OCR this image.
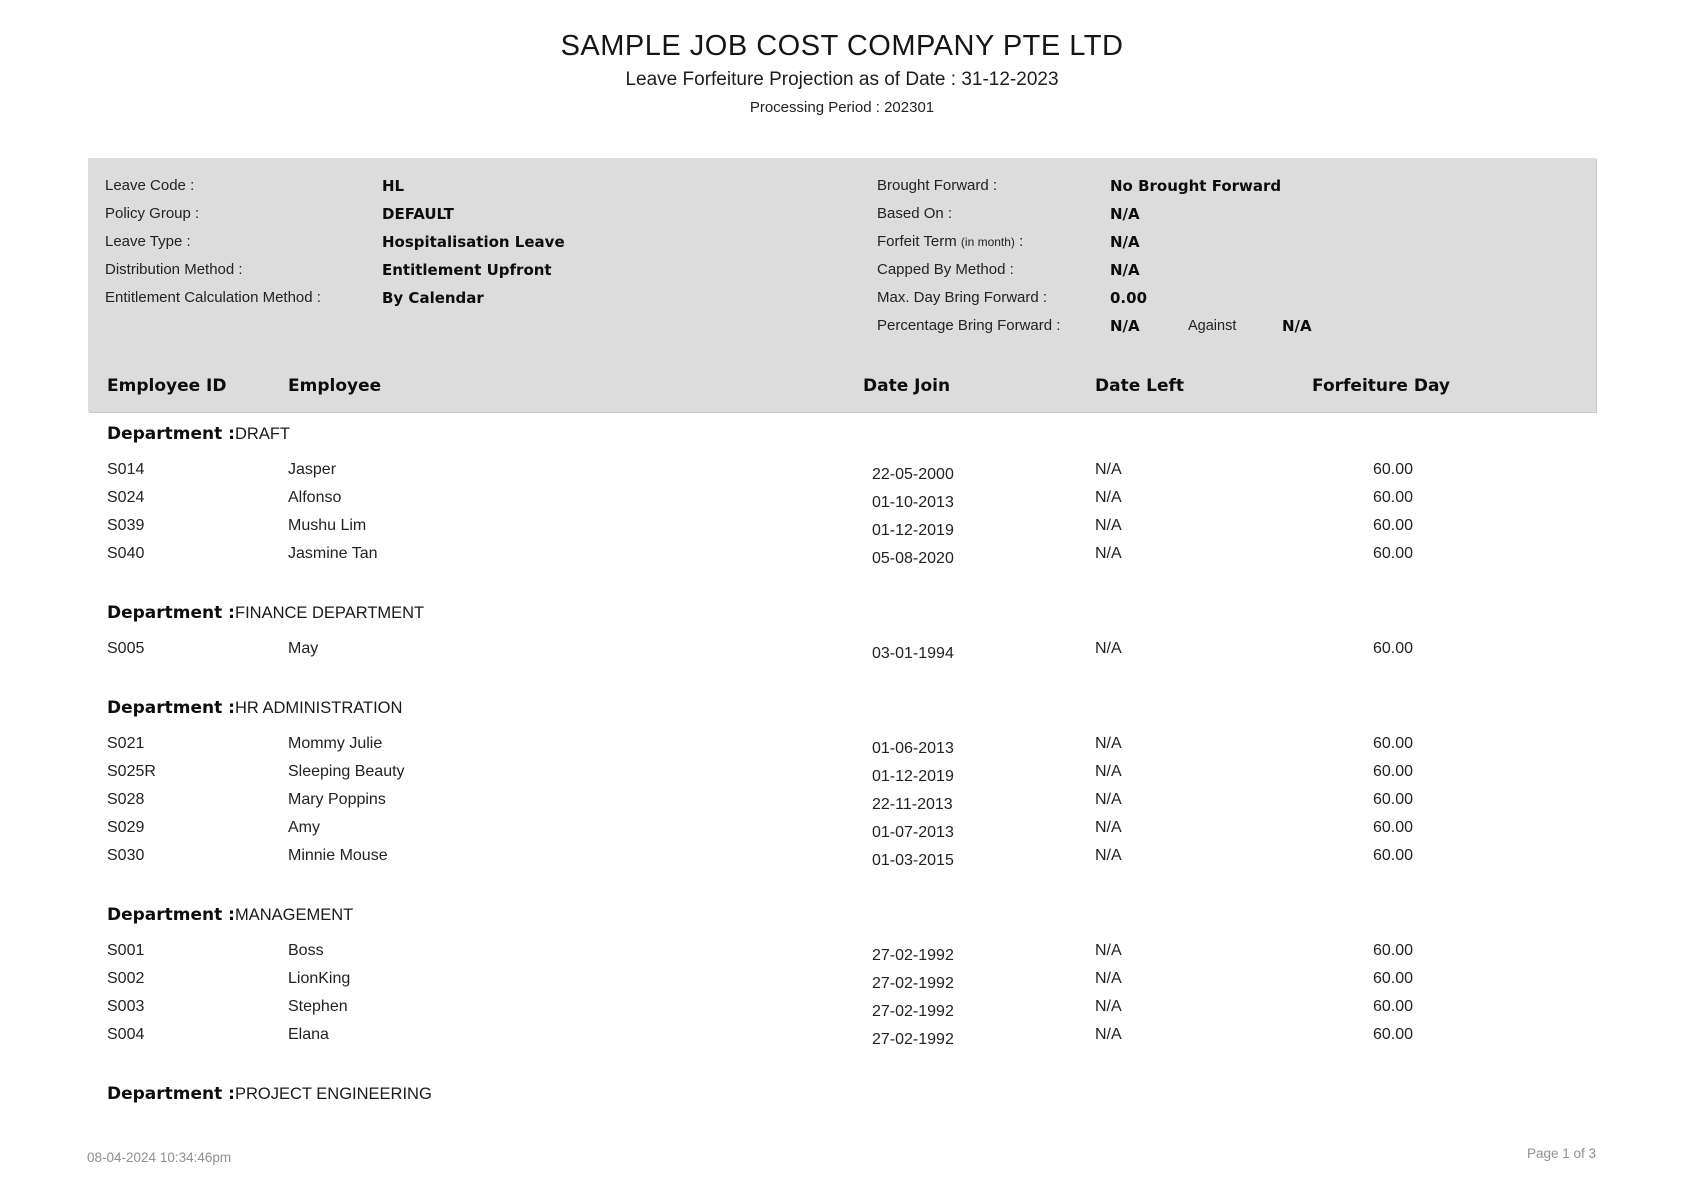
SAMPLE JOB COST COMPANY PTE LTD
Leave Forfeiture Projection as of Date : 31-12-2023
Processing Period : 202301
Leave Code :	HL
Policy Group :	DEFAULT
Leave Type :	Hospitalisation Leave
Distribution Method :	Entitlement Upfront
Entitlement Calculation Method :	By Calendar
Brought Forward :	No Brought Forward
Based On :	N/A
Forfeit Term (in month) :	N/A
Capped By Method :	N/A
Max. Day Bring Forward :	0.00
Percentage Bring Forward :	N/A	Against	N/A
Employee ID	Employee	Date Join	Date Left	Forfeiture Day
Department :DRAFT
S014	Jasper	22-05-2000	N/A	60.00
S024	Alfonso	01-10-2013	N/A	60.00
S039	Mushu Lim	01-12-2019	N/A	60.00
S040	Jasmine Tan	05-08-2020	N/A	60.00
Department :FINANCE DEPARTMENT
S005	May	03-01-1994	N/A	60.00
Department :HR ADMINISTRATION
S021	Mommy Julie	01-06-2013	N/A	60.00
S025R	Sleeping Beauty	01-12-2019	N/A	60.00
S028	Mary Poppins	22-11-2013	N/A	60.00
S029	Amy	01-07-2013	N/A	60.00
S030	Minnie Mouse	01-03-2015	N/A	60.00
Department :MANAGEMENT
S001	Boss	27-02-1992	N/A	60.00
S002	LionKing	27-02-1992	N/A	60.00
S003	Stephen	27-02-1992	N/A	60.00
S004	Elana	27-02-1992	N/A	60.00
Department :PROJECT ENGINEERING
08-04-2024 10:34:46pm	Page 1 of 3
